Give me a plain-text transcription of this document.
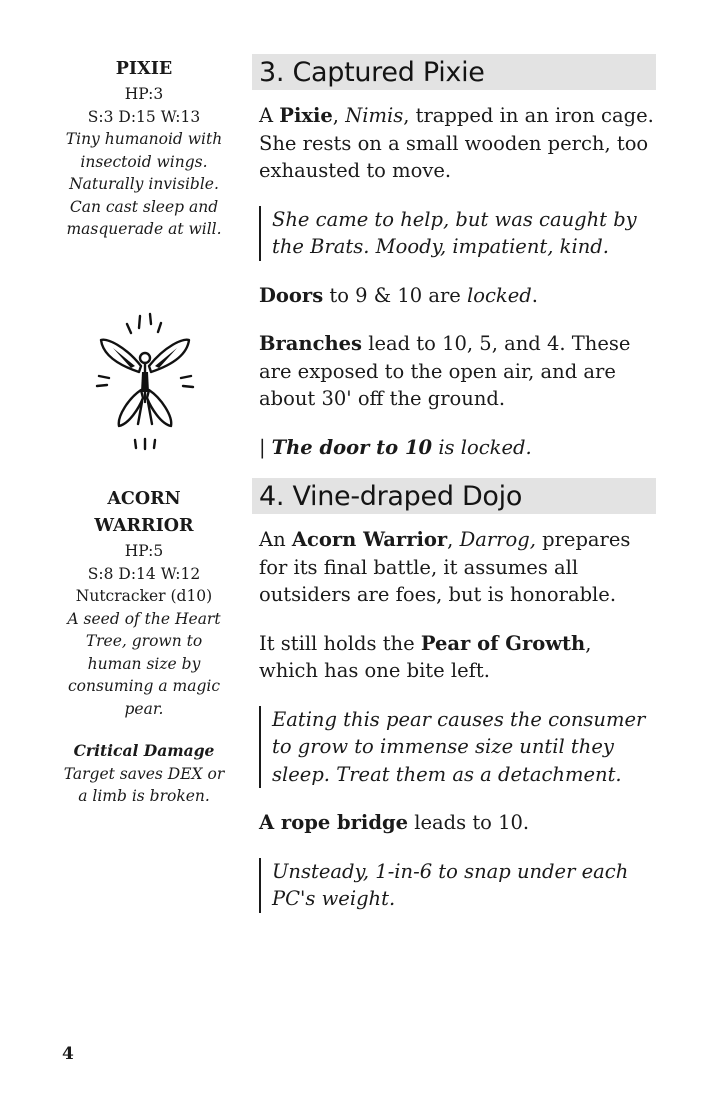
PIXIE
HP:3
S:3 D:15 W:13
Tiny humanoid with insectoid wings. Naturally invisible. Can cast sleep and masquerade at will.
ACORN WARRIOR
HP:5
S:8 D:14 W:12
Nutcracker (d10)
A seed of the Heart Tree, grown to human size by consuming a magic pear.
Critical Damage
Target saves DEX or a limb is broken.
3. Captured Pixie

A Pixie, Nimis, trapped in an iron cage. She rests on a small wooden perch, too exhausted to move.

She came to help, but was caught by the Brats. Moody, impatient, kind.

Doors to 9 & 10 are locked.

Branches lead to 10, 5, and 4. These are exposed to the open air, and are about 30' off the ground.

| The door to 10 is locked.

4. Vine-draped Dojo

An Acorn Warrior, Darrog, prepares for its final battle, it assumes all outsiders are foes, but is honorable.

It still holds the Pear of Growth, which has one bite left.

Eating this pear causes the consumer to grow to immense size until they sleep. Treat them as a detachment.

A rope bridge leads to 10.

Unsteady, 1-in-6 to snap under each PC's weight.
4
